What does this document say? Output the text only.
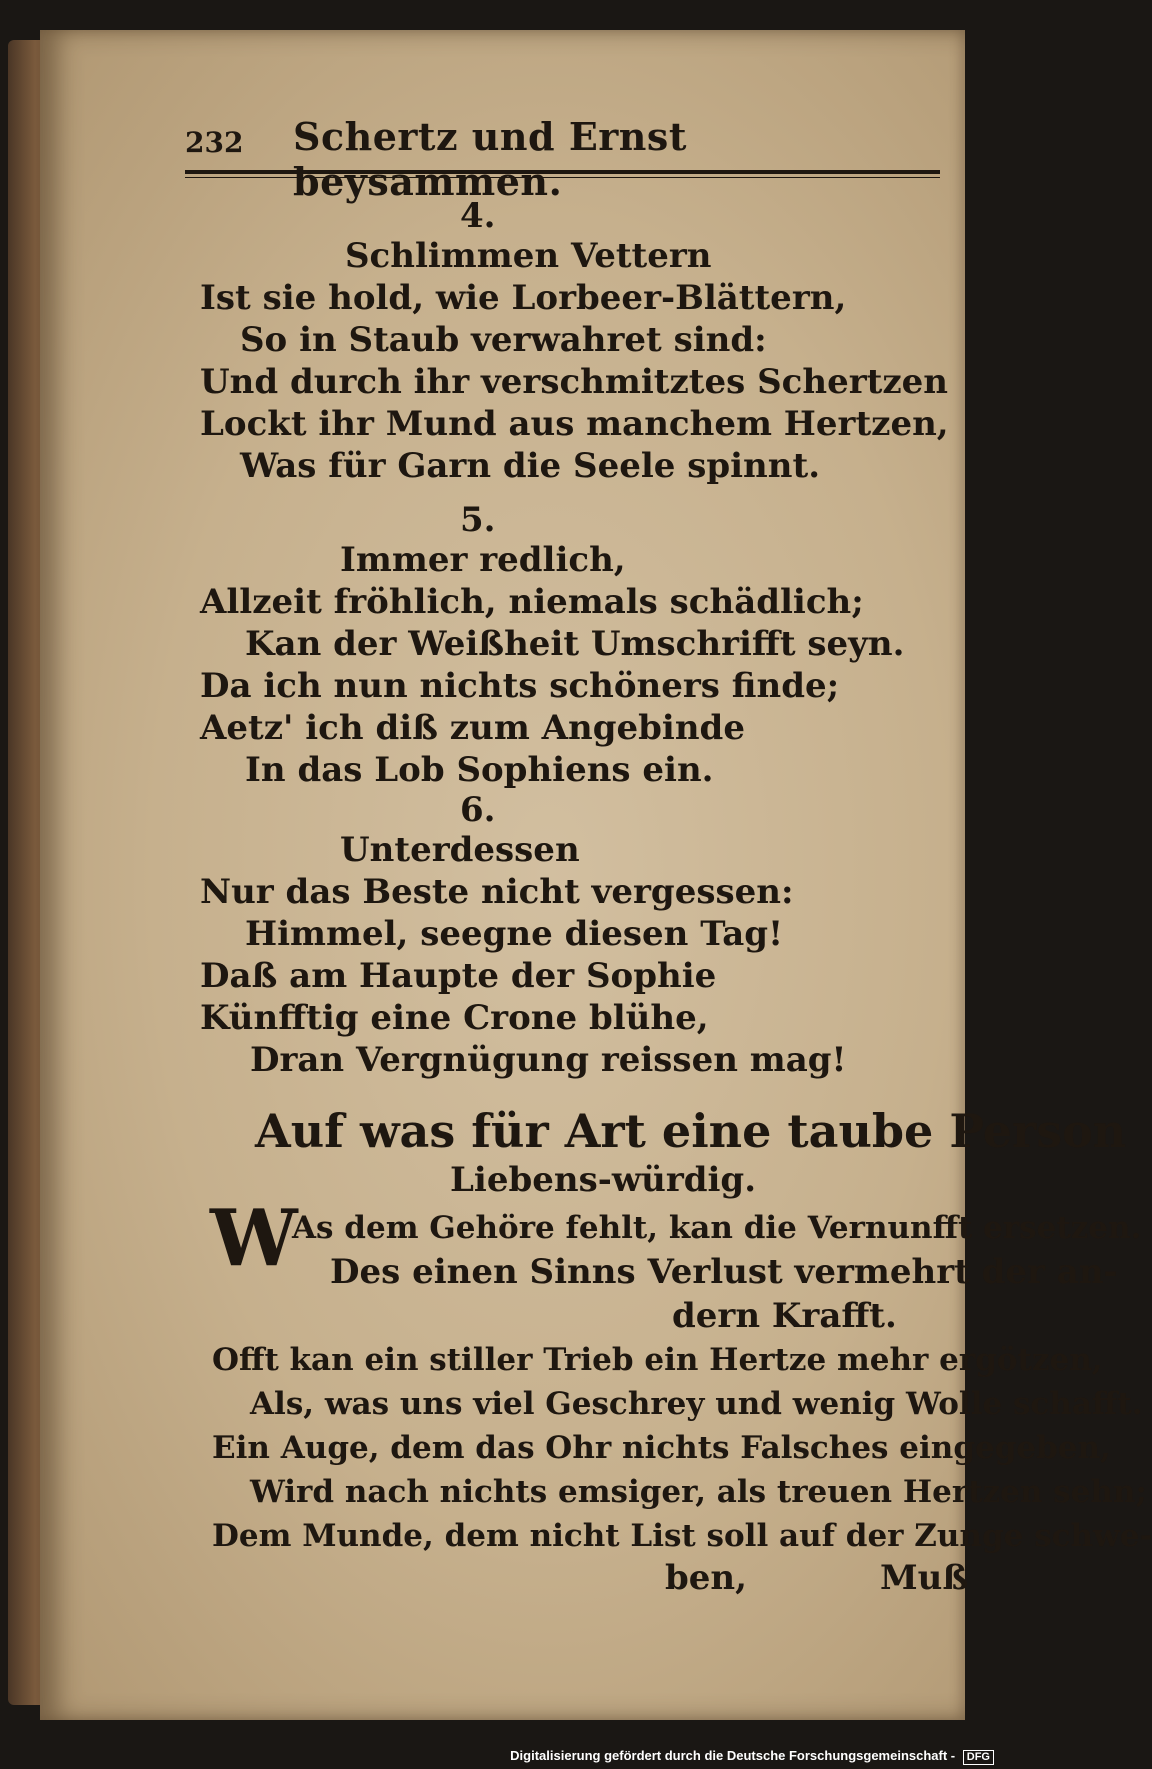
232 Schertz und Ernst beysammen.
4.
Schlimmen Vettern
Ist sie hold, wie Lorbeer-Blättern,
So in Staub verwahret sind:
Und durch ihr verschmitztes Schertzen
Lockt ihr Mund aus manchem Hertzen,
Was für Garn die Seele spinnt.
5.
Immer redlich,
Allzeit fröhlich, niemals schädlich;
Kan der Weißheit Umschrifft seyn.
Da ich nun nichts schöners finde;
Aetz' ich diß zum Angebinde
In das Lob Sophiens ein.
6.
Unterdessen
Nur das Beste nicht vergessen:
Himmel, seegne diesen Tag!
Daß am Haupte der Sophie
Künfftig eine Crone blühe,
Dran Vergnügung reissen mag!
Auf was für Art eine taube Person
Liebens-würdig.
W
As dem Gehöre fehlt, kan die Vernunfft ersetzen.
Des einen Sinns Verlust vermehrt der an-
dern Krafft.
Offt kan ein stiller Trieb ein Hertze mehr ergötzen,
Als, was uns viel Geschrey und wenig Wolle schafft.
Ein Auge, dem das Ohr nichts Falsches eingegeben,
Wird nach nichts emsiger, als treuen Hertzen sehn;
Dem Munde, dem nicht List soll auf der Zunge schwe-
ben,	Muß
Digitalisierung gefördert durch die Deutsche Forschungsgemeinschaft - DFG
